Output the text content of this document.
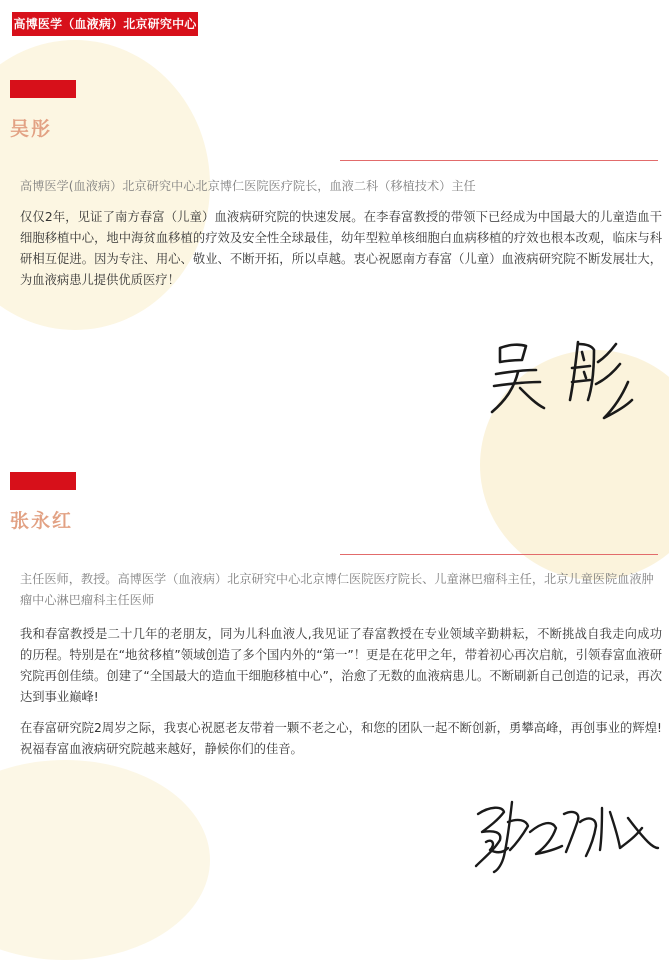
高博医学（血液病）北京研究中心
吴彤
高博医学(血液病）北京研究中心北京博仁医院医疗院长，血液二科（移植技术）主任
仅仅2年，见证了南方春富（儿童）血液病研究院的快速发展。在李春富教授的带领下已经成为中国最大的儿童造血干细胞移植中心，地中海贫血移植的疗效及安全性全球最佳，幼年型粒单核细胞白血病移植的疗效也根本改观，临床与科研相互促进。因为专注、用心、敬业、不断开拓，所以卓越。衷心祝愿南方春富（儿童）血液病研究院不断发展壮大，为血液病患儿提供优质医疗！
张永红
主任医师，教授。高博医学（血液病）北京研究中心北京博仁医院医疗院长、儿童淋巴瘤科主任，北京儿童医院血液肿瘤中心淋巴瘤科主任医师
我和春富教授是二十几年的老朋友，同为儿科血液人,我见证了春富教授在专业领域辛勤耕耘，不断挑战自我走向成功的历程。特别是在“地贫移植”领域创造了多个国内外的“第一”！更是在花甲之年，带着初心再次启航，引领春富血液研究院再创佳绩。创建了“全国最大的造血干细胞移植中心”，治愈了无数的血液病患儿。不断刷新自己创造的记录，再次达到事业巅峰!
在春富研究院2周岁之际，我衷心祝愿老友带着一颗不老之心，和您的团队一起不断创新，勇攀高峰，再创事业的辉煌! 祝福春富血液病研究院越来越好，静候你们的佳音。
